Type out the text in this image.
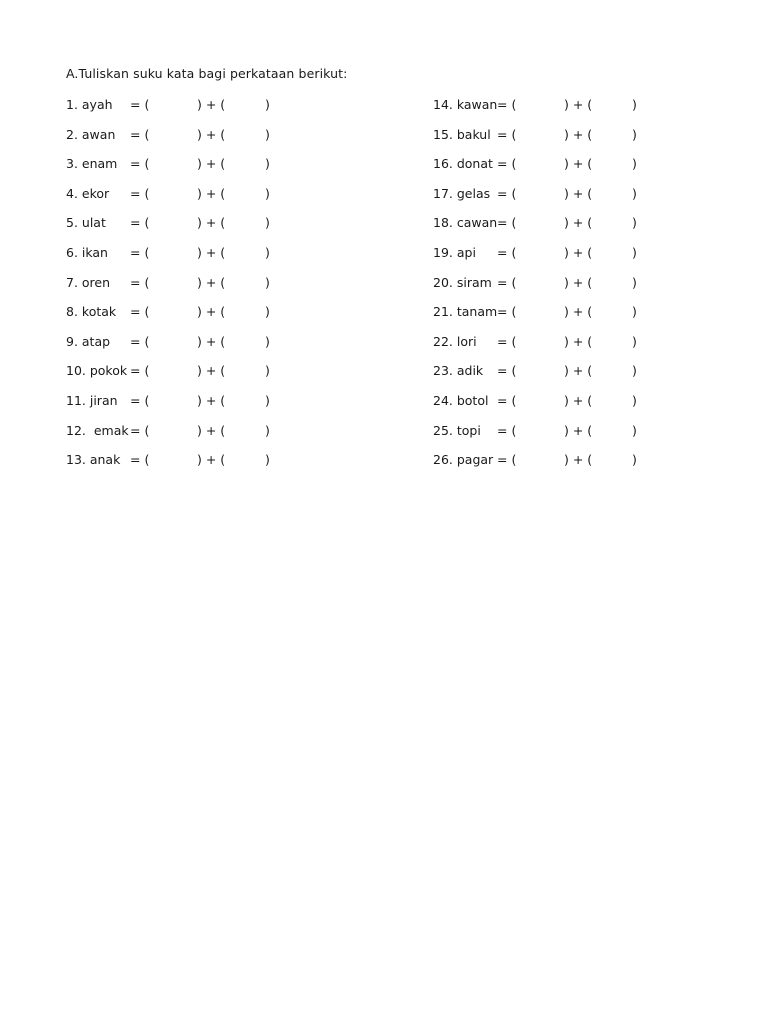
A.Tuliskan suku kata bagi perkataan berikut:
1. ayah = (	) + (	)
2. awan = (	) + (	)
3. enam = (	) + (	)
4. ekor = (	) + (	)
5. ulat = (	) + (	)
6. ikan = (	) + (	)
7. oren = (	) + (	)
8. kotak = (	) + (	)
9. atap = (	) + (	)
10. pokok = (	) + (	)
11. jiran = (	) + (	)
12.  emak = (	) + (	)
13. anak = (	) + (	)
14. kawan = (	) + (	)
15. bakul = (	) + (	)
16. donat = (	) + (	)
17. gelas = (	) + (	)
18. cawan = (	) + (	)
19. api = (	) + (	)
20. siram = (	) + (	)
21. tanam = (	) + (	)
22. lori = (	) + (	)
23. adik = (	) + (	)
24. botol = (	) + (	)
25. topi = (	) + (	)
26. pagar = (	) + (	)
